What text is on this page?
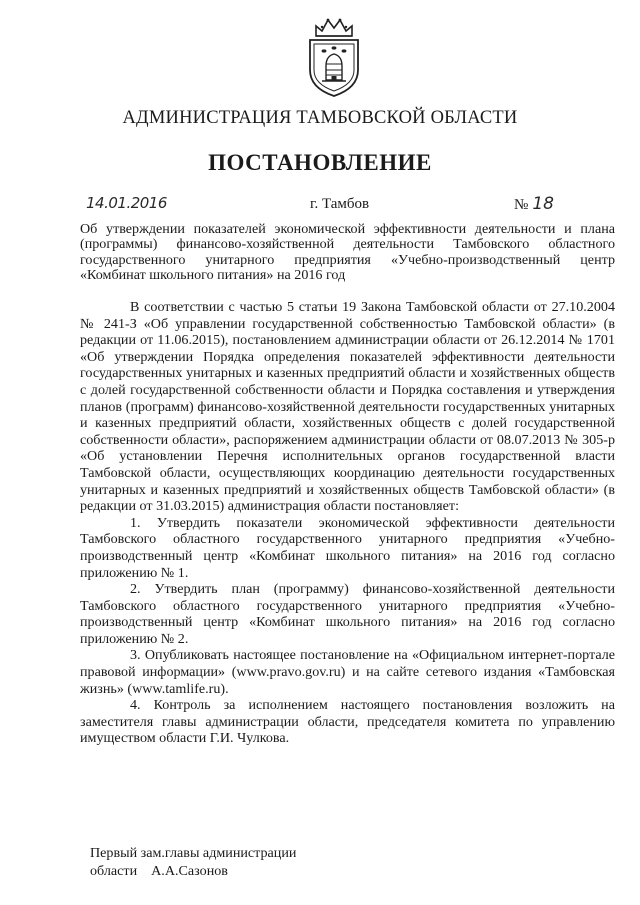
АДМИНИСТРАЦИЯ ТАМБОВСКОЙ ОБЛАСТИ
ПОСТАНОВЛЕНИЕ
14.01.2016	г. Тамбов	№ 18
Об утверждении показателей экономической эффективности деятельности и плана (программы) финансово-хозяйственной деятельности Тамбовского областного государственного унитарного предприятия «Учебно-производственный центр «Комбинат школьного питания» на 2016 год

В соответствии с частью 5 статьи 19 Закона Тамбовской области от 27.10.2004 № 241-З «Об управлении государственной собственностью Тамбовской области» (в редакции от 11.06.2015), постановлением администрации области от 26.12.2014 № 1701 «Об утверждении Порядка определения показателей эффективности деятельности государственных унитарных и казенных предприятий области и хозяйственных обществ с долей государственной собственности области и Порядка составления и утверждения планов (программ) финансово-хозяйственной деятельности государственных унитарных и казенных предприятий области, хозяйственных обществ с долей государственной собственности области», распоряжением администрации области от 08.07.2013 № 305-р «Об установлении Перечня исполнительных органов государственной власти Тамбовской области, осуществляющих координацию деятельности государственных унитарных и казенных предприятий и хозяйственных обществ Тамбовской области» (в редакции от 31.03.2015) администрация области постановляет:

1. Утвердить показатели экономической эффективности деятельности Тамбовского областного государственного унитарного предприятия «Учебно-производственный центр «Комбинат школьного питания» на 2016 год согласно приложению № 1.

2. Утвердить план (программу) финансово-хозяйственной деятельности Тамбовского областного государственного унитарного предприятия «Учебно-производственный центр «Комбинат школьного питания» на 2016 год согласно приложению № 2.

3. Опубликовать настоящее постановление на «Официальном интернет-портале правовой информации» (www.pravo.gov.ru) и на сайте сетевого издания «Тамбовская жизнь» (www.tamlife.ru).

4. Контроль за исполнением настоящего постановления возложить на заместителя главы администрации области, председателя комитета по управлению имуществом области Г.И. Чулкова.

Первый зам.главы администрации
области А.А.Сазонов
